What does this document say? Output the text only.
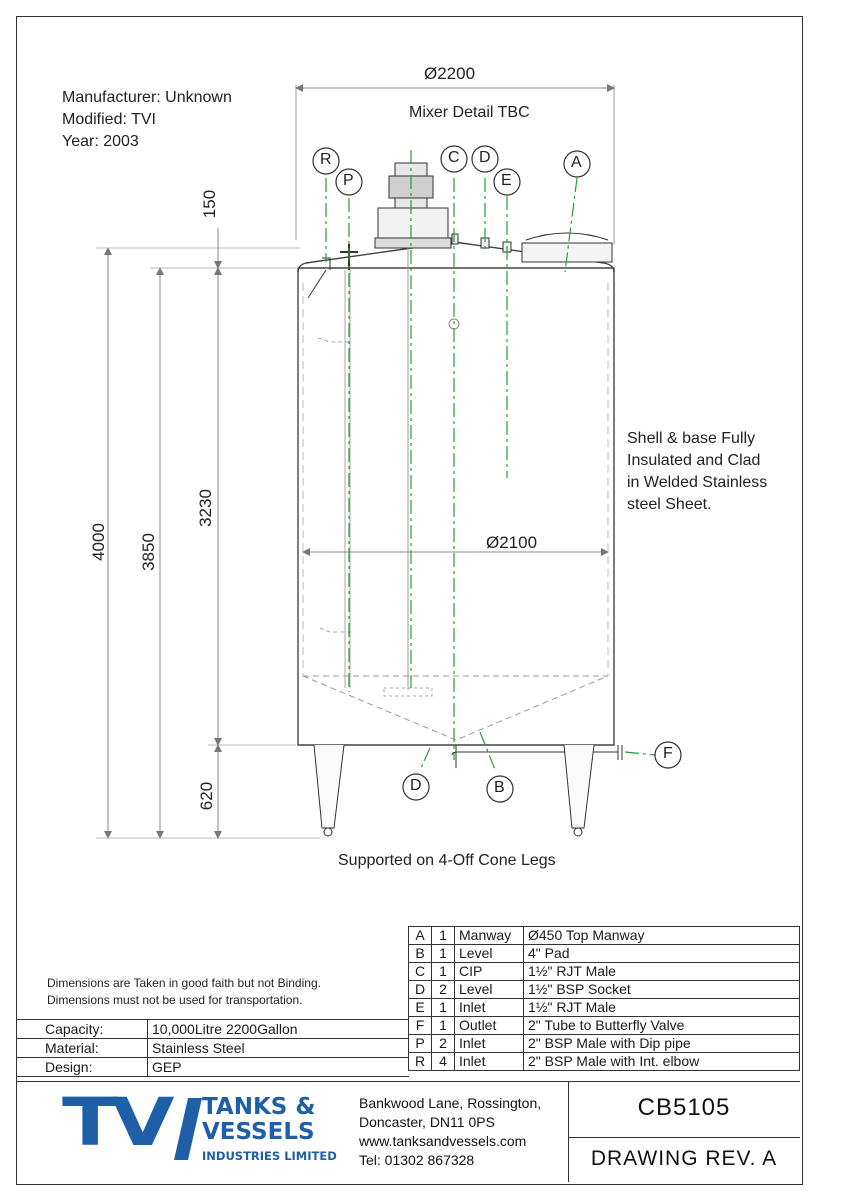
Manufacturer: Unknown
Modified: TVI
Year: 2003
R
P
C D
E
A
F
D	B
Ø2200
Mixer Detail TBC
Ø2100
Shell & base Fully
Insulated and Clad
in Welded Stainless
steel Sheet.
Supported on 4-Off Cone Legs
150
4000 3850
3230
620
Dimensions are Taken in good faith but not Binding.
Dimensions must not be used for transportation.
A	1	Manway	Ø450 Top Manway
B	1	Level	4" Pad
C	1	CIP	1½" RJT Male
D	2	Level	1½" BSP Socket
E	1	Inlet	1½" RJT Male
F	1	Outlet	2" Tube to Butterfly Valve
P	2	Inlet	2" BSP Male with Dip pipe
R	4	Inlet	2" BSP Male with Int. elbow
Capacity:	10,000Litre 2200Gallon
Material:	Stainless Steel
Design:	GEP
TV TANKS &
VESSELS
INDUSTRIES LIMITED
Bankwood Lane, Rossington,
Doncaster, DN11 0PS
www.tanksandvessels.com
Tel: 01302 867328
CB5105
DRAWING REV. A
